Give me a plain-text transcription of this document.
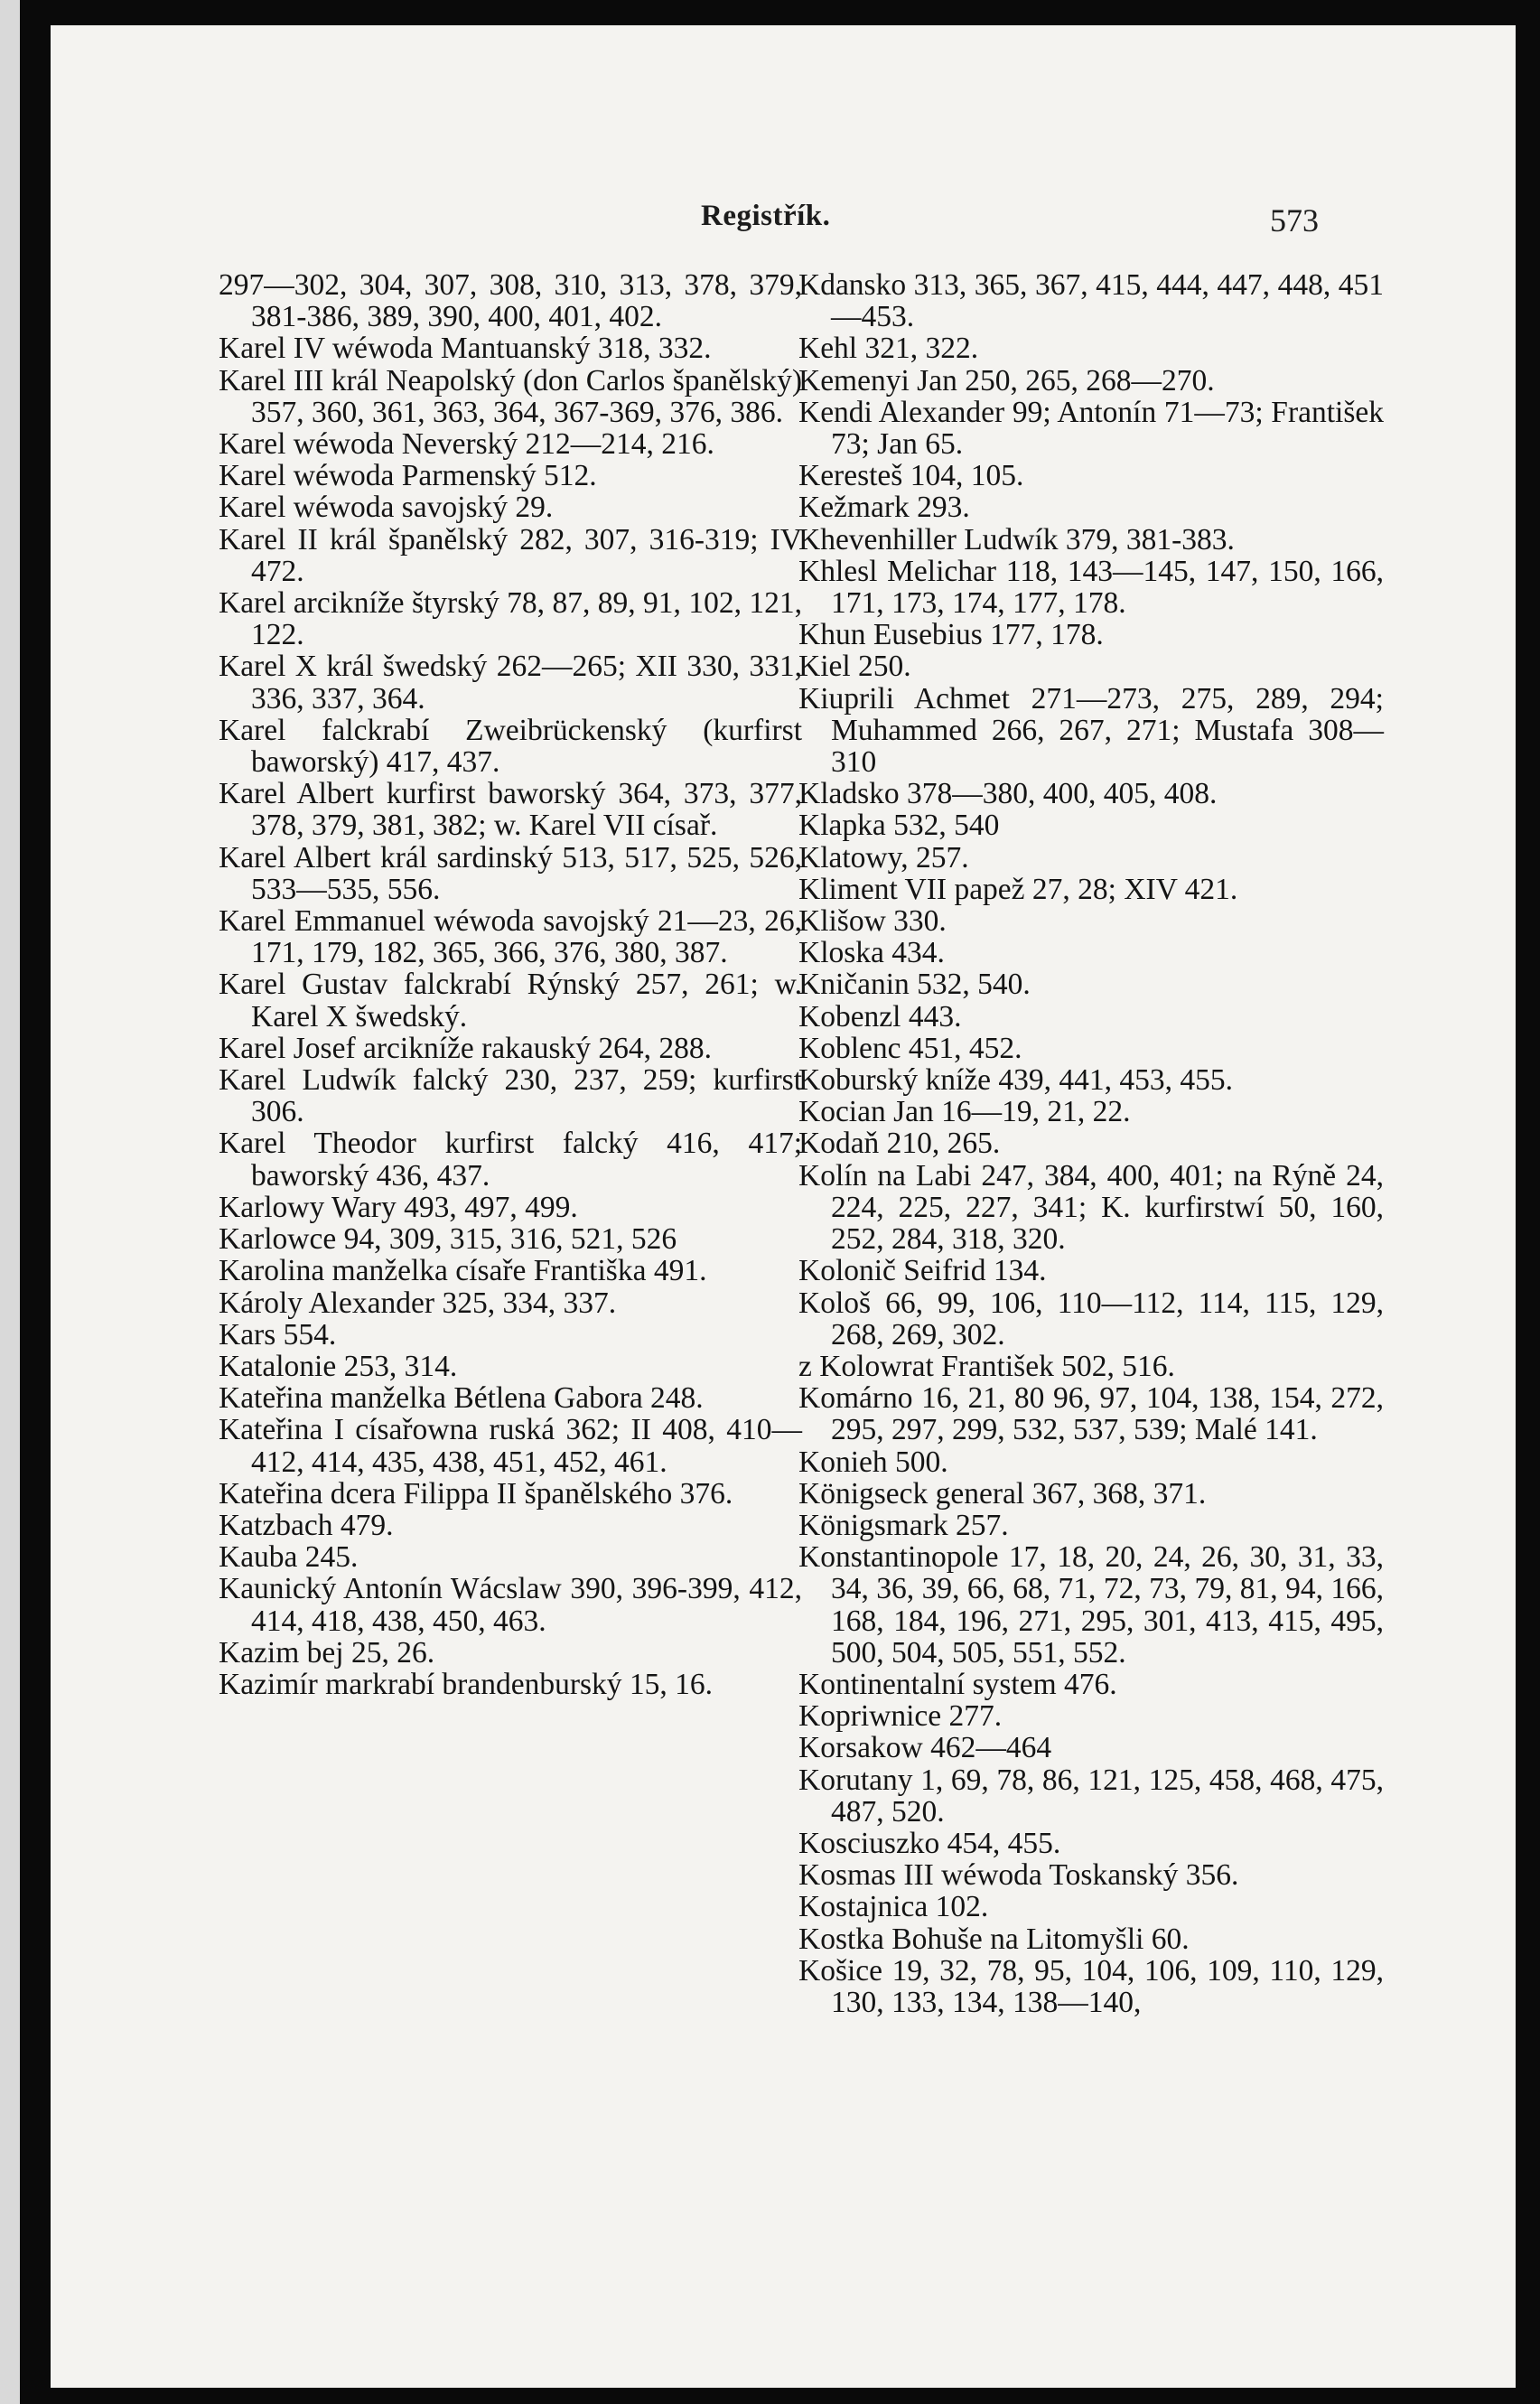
Registřík.	573
297—302, 304, 307, 308, 310, 313, 378, 379, 381-386, 389, 390, 400, 401, 402.
Karel IV wéwoda Mantuanský 318, 332.
Karel III král Neapolský (don Carlos španělský) 357, 360, 361, 363, 364, 367-369, 376, 386.
Karel wéwoda Neverský 212—214, 216.
Karel wéwoda Parmenský 512.
Karel wéwoda savojský 29.
Karel II král španělský 282, 307, 316-319; IV 472.
Karel arcikníže štyrský 78, 87, 89, 91, 102, 121, 122.
Karel X král šwedský 262—265; XII 330, 331, 336, 337, 364.
Karel falckrabí Zweibrückenský (kurfirst baworský) 417, 437.
Karel Albert kurfirst baworský 364, 373, 377, 378, 379, 381, 382; w. Karel VII císař.
Karel Albert král sardinský 513, 517, 525, 526, 533—535, 556.
Karel Emmanuel wéwoda savojský 21—23, 26, 171, 179, 182, 365, 366, 376, 380, 387.
Karel Gustav falckrabí Rýnský 257, 261; w. Karel X šwedský.
Karel Josef arcikníže rakauský 264, 288.
Karel Ludwík falcký 230, 237, 259; kurfirst 306.
Karel Theodor kurfirst falcký 416, 417; baworský 436, 437.
Karlowy Wary 493, 497, 499.
Karlowce 94, 309, 315, 316, 521, 526
Karolina manželka císaře Františka 491.
Károly Alexander 325, 334, 337.
Kars 554.
Katalonie 253, 314.
Kateřina manželka Bétlena Gabora 248.
Kateřina I císařowna ruská 362; II 408, 410—412, 414, 435, 438, 451, 452, 461.
Kateřina dcera Filippa II španělského 376.
Katzbach 479.
Kauba 245.
Kaunický Antonín Wácslaw 390, 396-399, 412, 414, 418, 438, 450, 463.
Kazim bej 25, 26.
Kazimír markrabí brandenburský 15, 16.
Kdansko 313, 365, 367, 415, 444, 447, 448, 451—453.
Kehl 321, 322.
Kemenyi Jan 250, 265, 268—270.
Kendi Alexander 99; Antonín 71—73; František 73; Jan 65.
Keresteš 104, 105.
Kežmark 293.
Khevenhiller Ludwík 379, 381-383.
Khlesl Melichar 118, 143—145, 147, 150, 166, 171, 173, 174, 177, 178.
Khun Eusebius 177, 178.
Kiel 250.
Kiuprili Achmet 271—273, 275, 289, 294; Muhammed 266, 267, 271; Mustafa 308—310
Kladsko 378—380, 400, 405, 408.
Klapka 532, 540
Klatowy, 257.
Kliment VII papež 27, 28; XIV 421.
Klišow 330.
Kloska 434.
Kničanin 532, 540.
Kobenzl 443.
Koblenc 451, 452.
Koburský kníže 439, 441, 453, 455.
Kocian Jan 16—19, 21, 22.
Kodaň 210, 265.
Kolín na Labi 247, 384, 400, 401; na Rýně 24, 224, 225, 227, 341; K. kurfirstwí 50, 160, 252, 284, 318, 320.
Kolonič Seifrid 134.
Kološ 66, 99, 106, 110—112, 114, 115, 129, 268, 269, 302.
z Kolowrat František 502, 516.
Komárno 16, 21, 80 96, 97, 104, 138, 154, 272, 295, 297, 299, 532, 537, 539; Malé 141.
Konieh 500.
Königseck general 367, 368, 371.
Königsmark 257.
Konstantinopole 17, 18, 20, 24, 26, 30, 31, 33, 34, 36, 39, 66, 68, 71, 72, 73, 79, 81, 94, 166, 168, 184, 196, 271, 295, 301, 413, 415, 495, 500, 504, 505, 551, 552.
Kontinentalní system 476.
Kopriwnice 277.
Korsakow 462—464
Korutany 1, 69, 78, 86, 121, 125, 458, 468, 475, 487, 520.
Kosciuszko 454, 455.
Kosmas III wéwoda Toskanský 356.
Kostajnica 102.
Kostka Bohuše na Litomyšli 60.
Košice 19, 32, 78, 95, 104, 106, 109, 110, 129, 130, 133, 134, 138—140,
